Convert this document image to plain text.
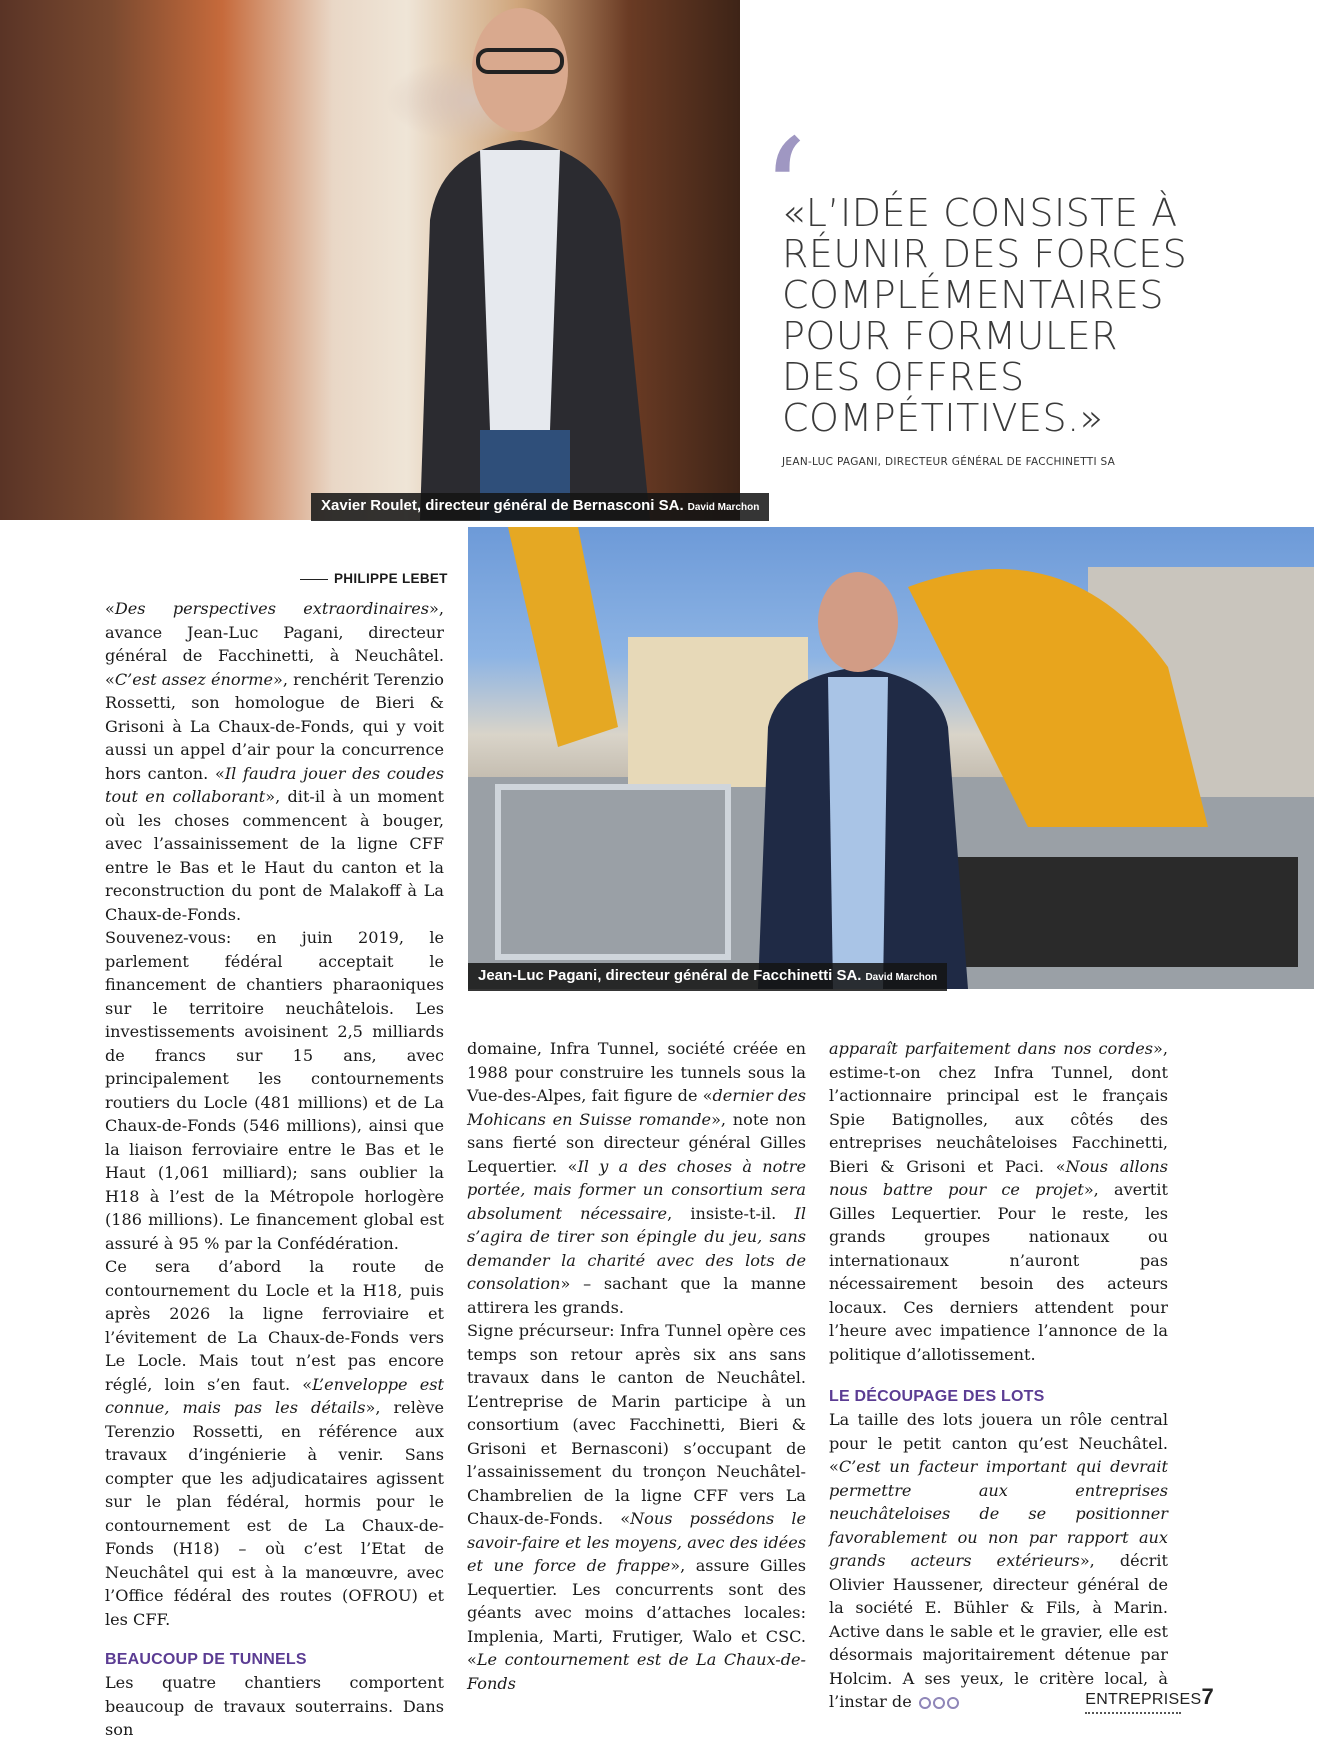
Xavier Roulet, directeur général de Bernasconi SA. David Marchon
‘
«L’IDÉE CONSISTE À
RÉUNIR DES FORCES
COMPLÉMENTAIRES
POUR FORMULER
DES OFFRES
COMPÉTITIVES.»
JEAN-LUC PAGANI, DIRECTEUR GÉNÉRAL DE FACCHINETTI SA
Jean-Luc Pagani, directeur général de Facchinetti SA. David Marchon
PHILIPPE LEBET

«Des perspectives extraordinaires», avance Jean-Luc Pagani, directeur général de Facchinetti, à Neuchâtel. «C’est assez énorme», renchérit Terenzio Rossetti, son homologue de Bieri & Grisoni à La Chaux-de-Fonds, qui y voit aussi un appel d’air pour la concurrence hors canton. «Il faudra jouer des coudes tout en collaborant», dit-il à un moment où les choses commencent à bouger, avec l’assainissement de la ligne CFF entre le Bas et le Haut du canton et la reconstruction du pont de Malakoff à La Chaux-de-Fonds.

Souvenez-vous: en juin 2019, le parlement fédéral acceptait le financement de chantiers pharaoniques sur le territoire neuchâtelois. Les investissements avoisinent 2,5 milliards de francs sur 15 ans, avec principalement les contournements routiers du Locle (481 millions) et de La Chaux-de-Fonds (546 millions), ainsi que la liaison ferroviaire entre le Bas et le Haut (1,061 milliard); sans oublier la H18 à l’est de la Métropole horlogère (186 millions). Le financement global est assuré à 95 % par la Confédération.

Ce sera d’abord la route de contournement du Locle et la H18, puis après 2026 la ligne ferroviaire et l’évitement de La Chaux-de-Fonds vers Le Locle. Mais tout n’est pas encore réglé, loin s’en faut. «L’enveloppe est connue, mais pas les détails», relève Terenzio Rossetti, en référence aux travaux d’ingénierie à venir. Sans compter que les adjudicataires agissent sur le plan fédéral, hormis pour le contournement est de La Chaux-de-Fonds (H18) – où c’est l’Etat de Neuchâtel qui est à la manœuvre, avec l’Office fédéral des routes (OFROU) et les CFF.

BEAUCOUP DE TUNNELS

Les quatre chantiers comportent beaucoup de travaux souterrains. Dans son

domaine, Infra Tunnel, société créée en 1988 pour construire les tunnels sous la Vue-des-Alpes, fait figure de «dernier des Mohicans en Suisse romande», note non sans fierté son directeur général Gilles Lequertier. «Il y a des choses à notre portée, mais former un consortium sera absolument nécessaire, insiste-t-il. Il s’agira de tirer son épingle du jeu, sans demander la charité avec des lots de consolation» – sachant que la manne attirera les grands.

Signe précurseur: Infra Tunnel opère ces temps son retour après six ans sans travaux dans le canton de Neuchâtel. L’entreprise de Marin participe à un consortium (avec Facchinetti, Bieri & Grisoni et Bernasconi) s’occupant de l’assainissement du tronçon Neuchâtel-Chambrelien de la ligne CFF vers La Chaux-de-Fonds. «Nous possédons le savoir-faire et les moyens, avec des idées et une force de frappe», assure Gilles Lequertier. Les concurrents sont des géants avec moins d’attaches locales: Implenia, Marti, Frutiger, Walo et CSC. «Le contournement est de La Chaux-de-Fonds

apparaît parfaitement dans nos cordes», estime-t-on chez Infra Tunnel, dont l’actionnaire principal est le français Spie Batignolles, aux côtés des entreprises neuchâteloises Facchinetti, Bieri & Grisoni et Paci. «Nous allons nous battre pour ce projet», avertit Gilles Lequertier. Pour le reste, les grands groupes nationaux ou internationaux n’auront pas nécessairement besoin des acteurs locaux. Ces derniers attendent pour l’heure avec impatience l’annonce de la politique d’allotissement.

LE DÉCOUPAGE DES LOTS

La taille des lots jouera un rôle central pour le petit canton qu’est Neuchâtel. «C’est un facteur important qui devrait permettre aux entreprises neuchâteloises de se positionner favorablement ou non par rapport aux grands acteurs extérieurs», décrit Olivier Haussener, directeur général de la société E. Bühler & Fils, à Marin. Active dans le sable et le gravier, elle est désormais majoritairement détenue par Holcim. A ses yeux, le critère local, à l’instar de	ENTREPRISES7
